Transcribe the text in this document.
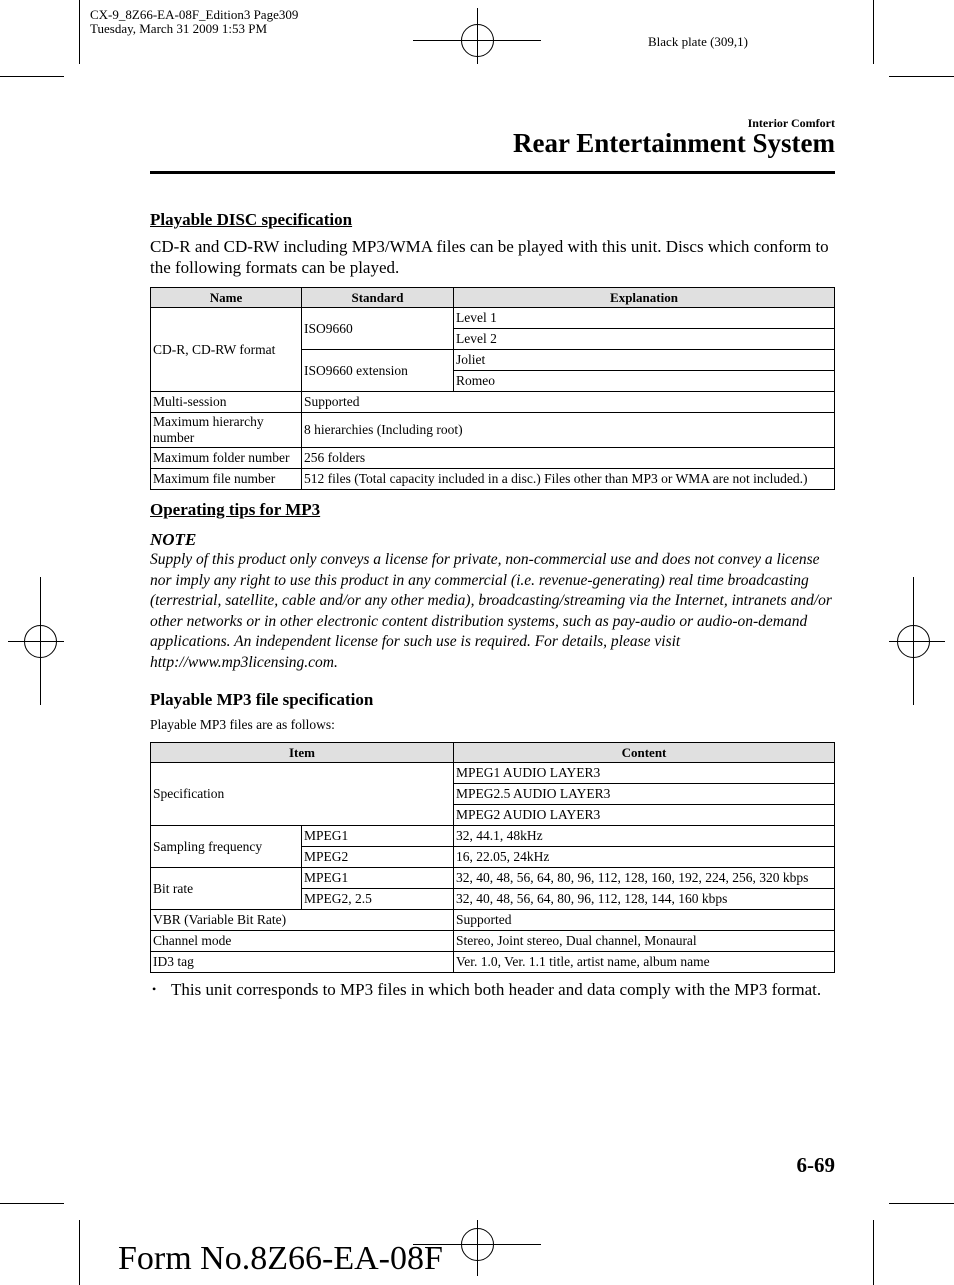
CX-9_8Z66-EA-08F_Edition3 Page309
Tuesday, March 31 2009 1:53 PM
Black plate (309,1)
Interior Comfort
Rear Entertainment System

Playable DISC specification

CD-R and CD-RW including MP3/WMA files can be played with this unit. Discs which conform to the following formats can be played.

Name	Standard	Explanation
CD-R, CD-RW format	ISO9660	Level 1
		Level 2
	ISO9660 extension	Joliet
		Romeo
Multi-session	Supported	
Maximum hierarchy number	8 hierarchies (Including root)	
Maximum folder number	256 folders	
Maximum file number	512 files (Total capacity included in a disc.) Files other than MP3 or WMA are not included.)	

Operating tips for MP3

NOTE

Supply of this product only conveys a license for private, non-commercial use and does not convey a license nor imply any right to use this product in any commercial (i.e. revenue-generating) real time broadcasting (terrestrial, satellite, cable and/or any other media), broadcasting/streaming via the Internet, intranets and/or other networks or in other electronic content distribution systems, such as pay-audio or audio-on-demand applications. An independent license for such use is required. For details, please visit http://www.mp3licensing.com.

Playable MP3 file specification

Playable MP3 files are as follows:

Item		Content
Specification		MPEG1 AUDIO LAYER3
		MPEG2.5 AUDIO LAYER3
		MPEG2 AUDIO LAYER3
Sampling frequency	MPEG1	32, 44.1, 48kHz
	MPEG2	16, 22.05, 24kHz
Bit rate	MPEG1	32, 40, 48, 56, 64, 80, 96, 112, 128, 160, 192, 224, 256, 320 kbps
	MPEG2, 2.5	32, 40, 48, 56, 64, 80, 96, 112, 128, 144, 160 kbps
VBR (Variable Bit Rate)		Supported
Channel mode		Stereo, Joint stereo, Dual channel, Monaural
ID3 tag		Ver. 1.0, Ver. 1.1 title, artist name, album name
• This unit corresponds to MP3 files in which both header and data comply with the MP3 format.
6-69
Form No.8Z66-EA-08F
